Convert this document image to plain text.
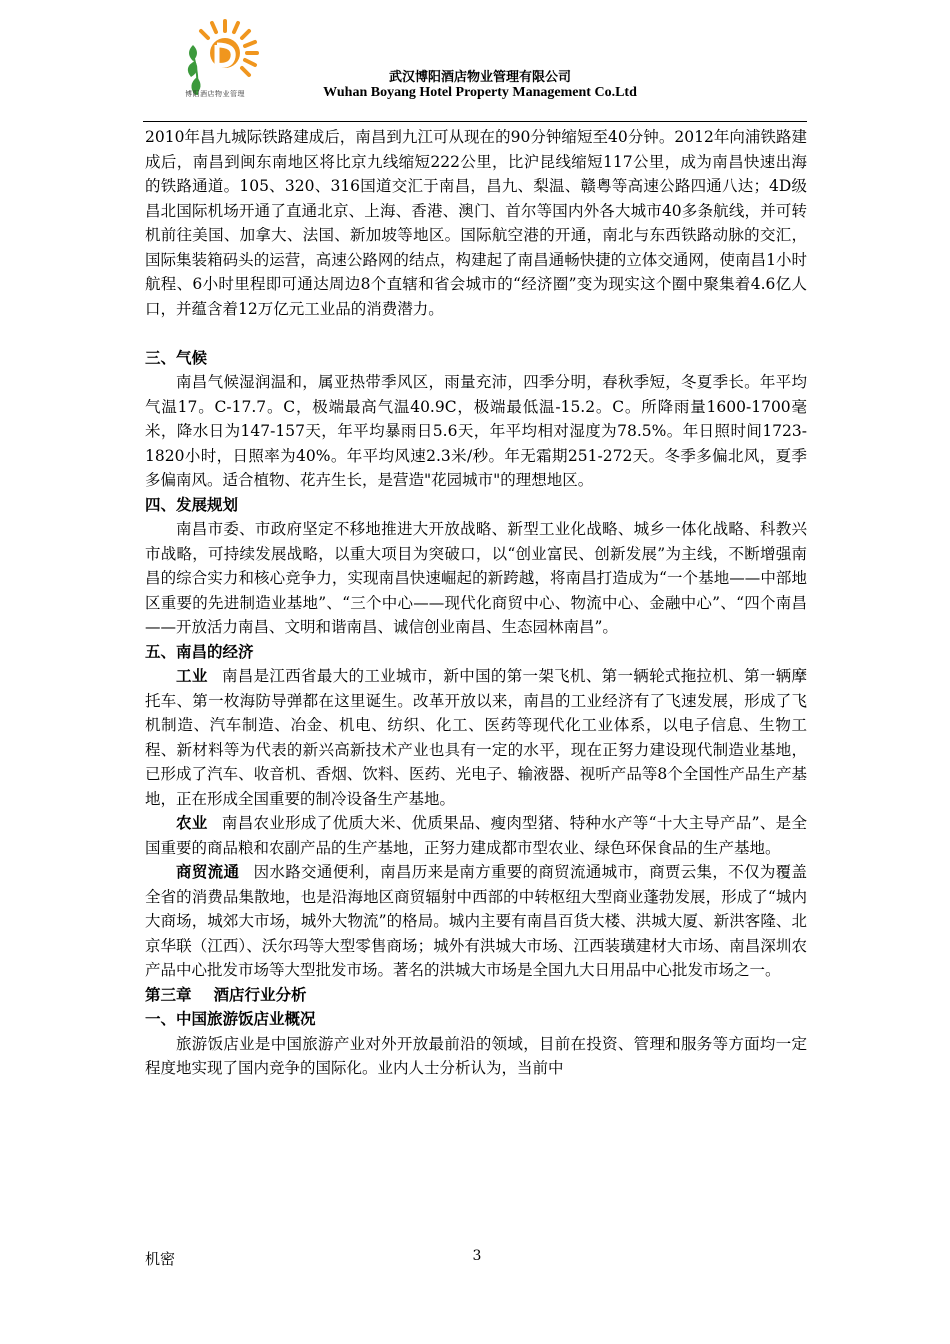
博阳酒店物业管理
武汉博阳酒店物业管理有限公司
Wuhan Boyang Hotel Property Management Co.Ltd

2010年昌九城际铁路建成后，南昌到九江可从现在的90分钟缩短至40分钟。2012年向浦铁路建成后，南昌到闽东南地区将比京九线缩短222公里，比沪昆线缩短117公里，成为南昌快速出海的铁路通道。105、320、316国道交汇于南昌，昌九、梨温、赣粤等高速公路四通八达；4D级昌北国际机场开通了直通北京、上海、香港、澳门、首尔等国内外各大城市40多条航线，并可转机前往美国、加拿大、法国、新加坡等地区。国际航空港的开通，南北与东西铁路动脉的交汇，国际集装箱码头的运营，高速公路网的结点，构建起了南昌通畅快捷的立体交通网，使南昌1小时航程、6小时里程即可通达周边8个直辖和省会城市的“经济圈”变为现实这个圈中聚集着4.6亿人口，并蕴含着12万亿元工业品的消费潜力。

三、气候

南昌气候湿润温和，属亚热带季风区，雨量充沛，四季分明，春秋季短，冬夏季长。年平均气温17。C-17.7。C，极端最高气温40.9C，极端最低温-15.2。C。所降雨量1600-1700毫米，降水日为147-157天，年平均暴雨日5.6天，年平均相对湿度为78.5%。年日照时间1723-1820小时，日照率为40%。年平均风速2.3米/秒。年无霜期251-272天。冬季多偏北风，夏季多偏南风。适合植物、花卉生长，是营造"花园城市"的理想地区。

四、发展规划

南昌市委、市政府坚定不移地推进大开放战略、新型工业化战略、城乡一体化战略、科教兴市战略，可持续发展战略，以重大项目为突破口，以“创业富民、创新发展”为主线，不断增强南昌的综合实力和核心竞争力，实现南昌快速崛起的新跨越，将南昌打造成为“一个基地——中部地区重要的先进制造业基地”、“三个中心——现代化商贸中心、物流中心、金融中心”、“四个南昌——开放活力南昌、文明和谐南昌、诚信创业南昌、生态园林南昌”。

五、南昌的经济

工业 南昌是江西省最大的工业城市，新中国的第一架飞机、第一辆轮式拖拉机、第一辆摩托车、第一枚海防导弹都在这里诞生。改革开放以来，南昌的工业经济有了飞速发展，形成了飞机制造、汽车制造、冶金、机电、纺织、化工、医药等现代化工业体系，以电子信息、生物工程、新材料等为代表的新兴高新技术产业也具有一定的水平，现在正努力建设现代制造业基地，已形成了汽车、收音机、香烟、饮料、医药、光电子、输液器、视听产品等8个全国性产品生产基地，正在形成全国重要的制冷设备生产基地。

农业 南昌农业形成了优质大米、优质果品、瘦肉型猪、特种水产等“十大主导产品”、是全国重要的商品粮和农副产品的生产基地，正努力建成都市型农业、绿色环保食品的生产基地。

商贸流通 因水路交通便利，南昌历来是南方重要的商贸流通城市，商贾云集，不仅为覆盖全省的消费品集散地，也是沿海地区商贸辐射中西部的中转枢纽大型商业蓬勃发展，形成了“城内大商场，城郊大市场，城外大物流”的格局。城内主要有南昌百货大楼、洪城大厦、新洪客隆、北京华联（江西）、沃尔玛等大型零售商场；城外有洪城大市场、江西装璜建材大市场、南昌深圳农产品中心批发市场等大型批发市场。著名的洪城大市场是全国九大日用品中心批发市场之一。

第三章 酒店行业分析

一、中国旅游饭店业概况

旅游饭店业是中国旅游产业对外开放最前沿的领域，目前在投资、管理和服务等方面均一定程度地实现了国内竞争的国际化。业内人士分析认为，当前中

机密	3
